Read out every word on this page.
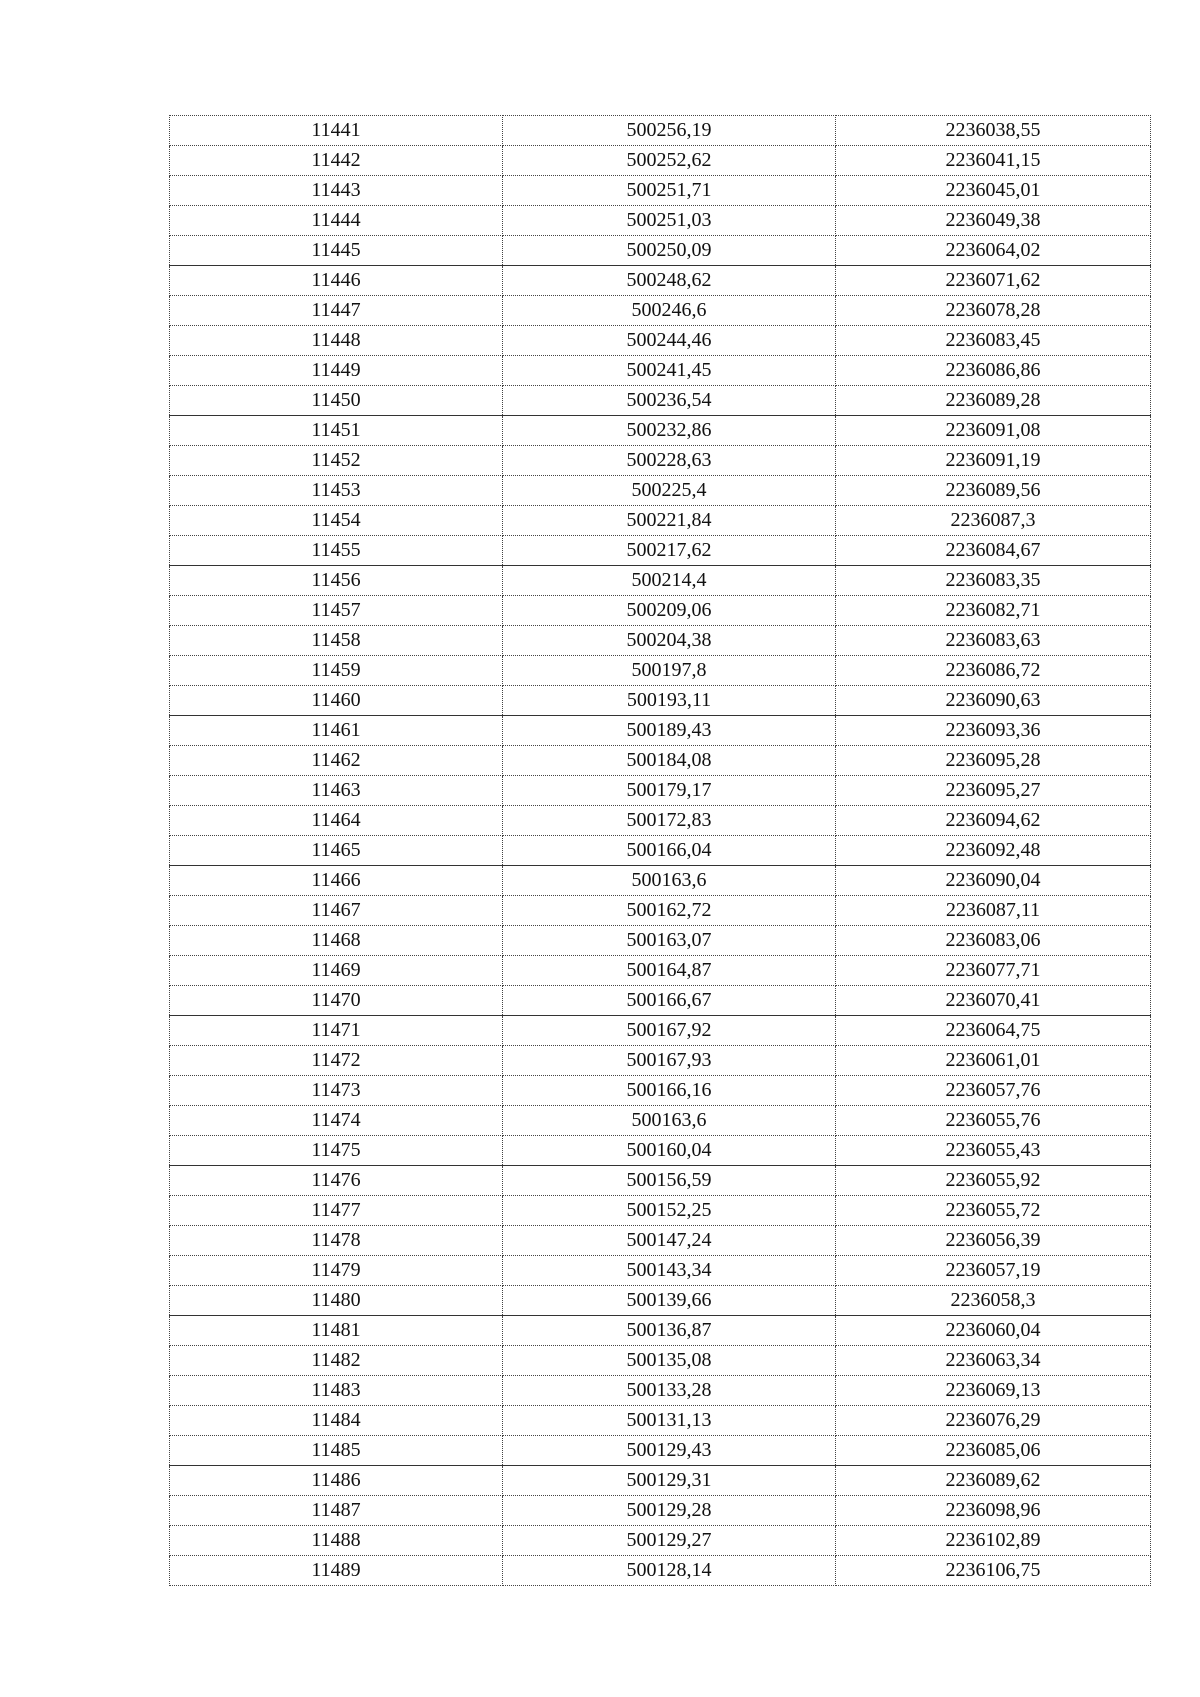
11441	500256,19	2236038,55
11442	500252,62	2236041,15
11443	500251,71	2236045,01
11444	500251,03	2236049,38
11445	500250,09	2236064,02
11446	500248,62	2236071,62
11447	500246,6	2236078,28
11448	500244,46	2236083,45
11449	500241,45	2236086,86
11450	500236,54	2236089,28
11451	500232,86	2236091,08
11452	500228,63	2236091,19
11453	500225,4	2236089,56
11454	500221,84	2236087,3
11455	500217,62	2236084,67
11456	500214,4	2236083,35
11457	500209,06	2236082,71
11458	500204,38	2236083,63
11459	500197,8	2236086,72
11460	500193,11	2236090,63
11461	500189,43	2236093,36
11462	500184,08	2236095,28
11463	500179,17	2236095,27
11464	500172,83	2236094,62
11465	500166,04	2236092,48
11466	500163,6	2236090,04
11467	500162,72	2236087,11
11468	500163,07	2236083,06
11469	500164,87	2236077,71
11470	500166,67	2236070,41
11471	500167,92	2236064,75
11472	500167,93	2236061,01
11473	500166,16	2236057,76
11474	500163,6	2236055,76
11475	500160,04	2236055,43
11476	500156,59	2236055,92
11477	500152,25	2236055,72
11478	500147,24	2236056,39
11479	500143,34	2236057,19
11480	500139,66	2236058,3
11481	500136,87	2236060,04
11482	500135,08	2236063,34
11483	500133,28	2236069,13
11484	500131,13	2236076,29
11485	500129,43	2236085,06
11486	500129,31	2236089,62
11487	500129,28	2236098,96
11488	500129,27	2236102,89
11489	500128,14	2236106,75
